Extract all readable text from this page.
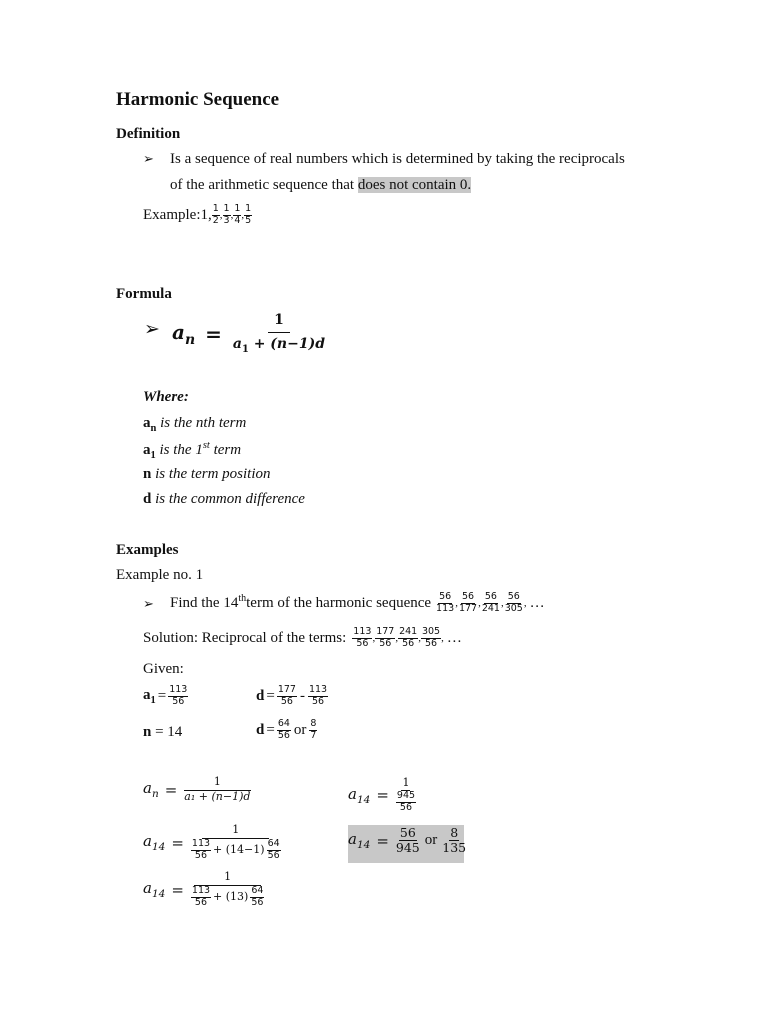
Harmonic Sequence
Definition
➢ Is a sequence of real numbers which is determined by taking the reciprocals
of the arithmetic sequence that does not contain 0.
Example:1, $\frac{1}{2}$ , $\frac{1}{3}$ , $\frac{1}{4}$ , $\frac{1}{5}$
Formula
➢ $a_n = \frac{1}{a_1 + (n-1)d}$
Where:
$a_n$ is the nth term
$a_1$ is the 1st term
n is the term position
d is the common difference
Examples
Example no. 1
➢ Find the 14th term of the harmonic sequence $\frac{56}{113}$ , $\frac{56}{177}$ , $\frac{56}{241}$ , $\frac{56}{305}$ , …
Solution: Reciprocal of the terms: $\frac{113}{56}$ , $\frac{177}{56}$ , $\frac{241}{56}$ , $\frac{305}{56}$ , …
Given:
$a_1 = \frac{113}{56}$	$d = \frac{177}{56} - \frac{113}{56}$
n = 14	$d = \frac{64}{56}$ or $\frac{8}{7}$
$a_n = \frac{1}{\text{a₁ + (n−1)d}}$
$a_{14} = \frac{1}{\frac{113}{56} + (14-1) \frac{64}{56}}$
$a_{14} = \frac{1}{\frac{113}{56} + (13) \frac{64}{56}}$
$a_{14} = \frac{1}{\frac{945}{56}}$
$a_{14} = \frac{56}{945}$ or $\frac{8}{135}$
